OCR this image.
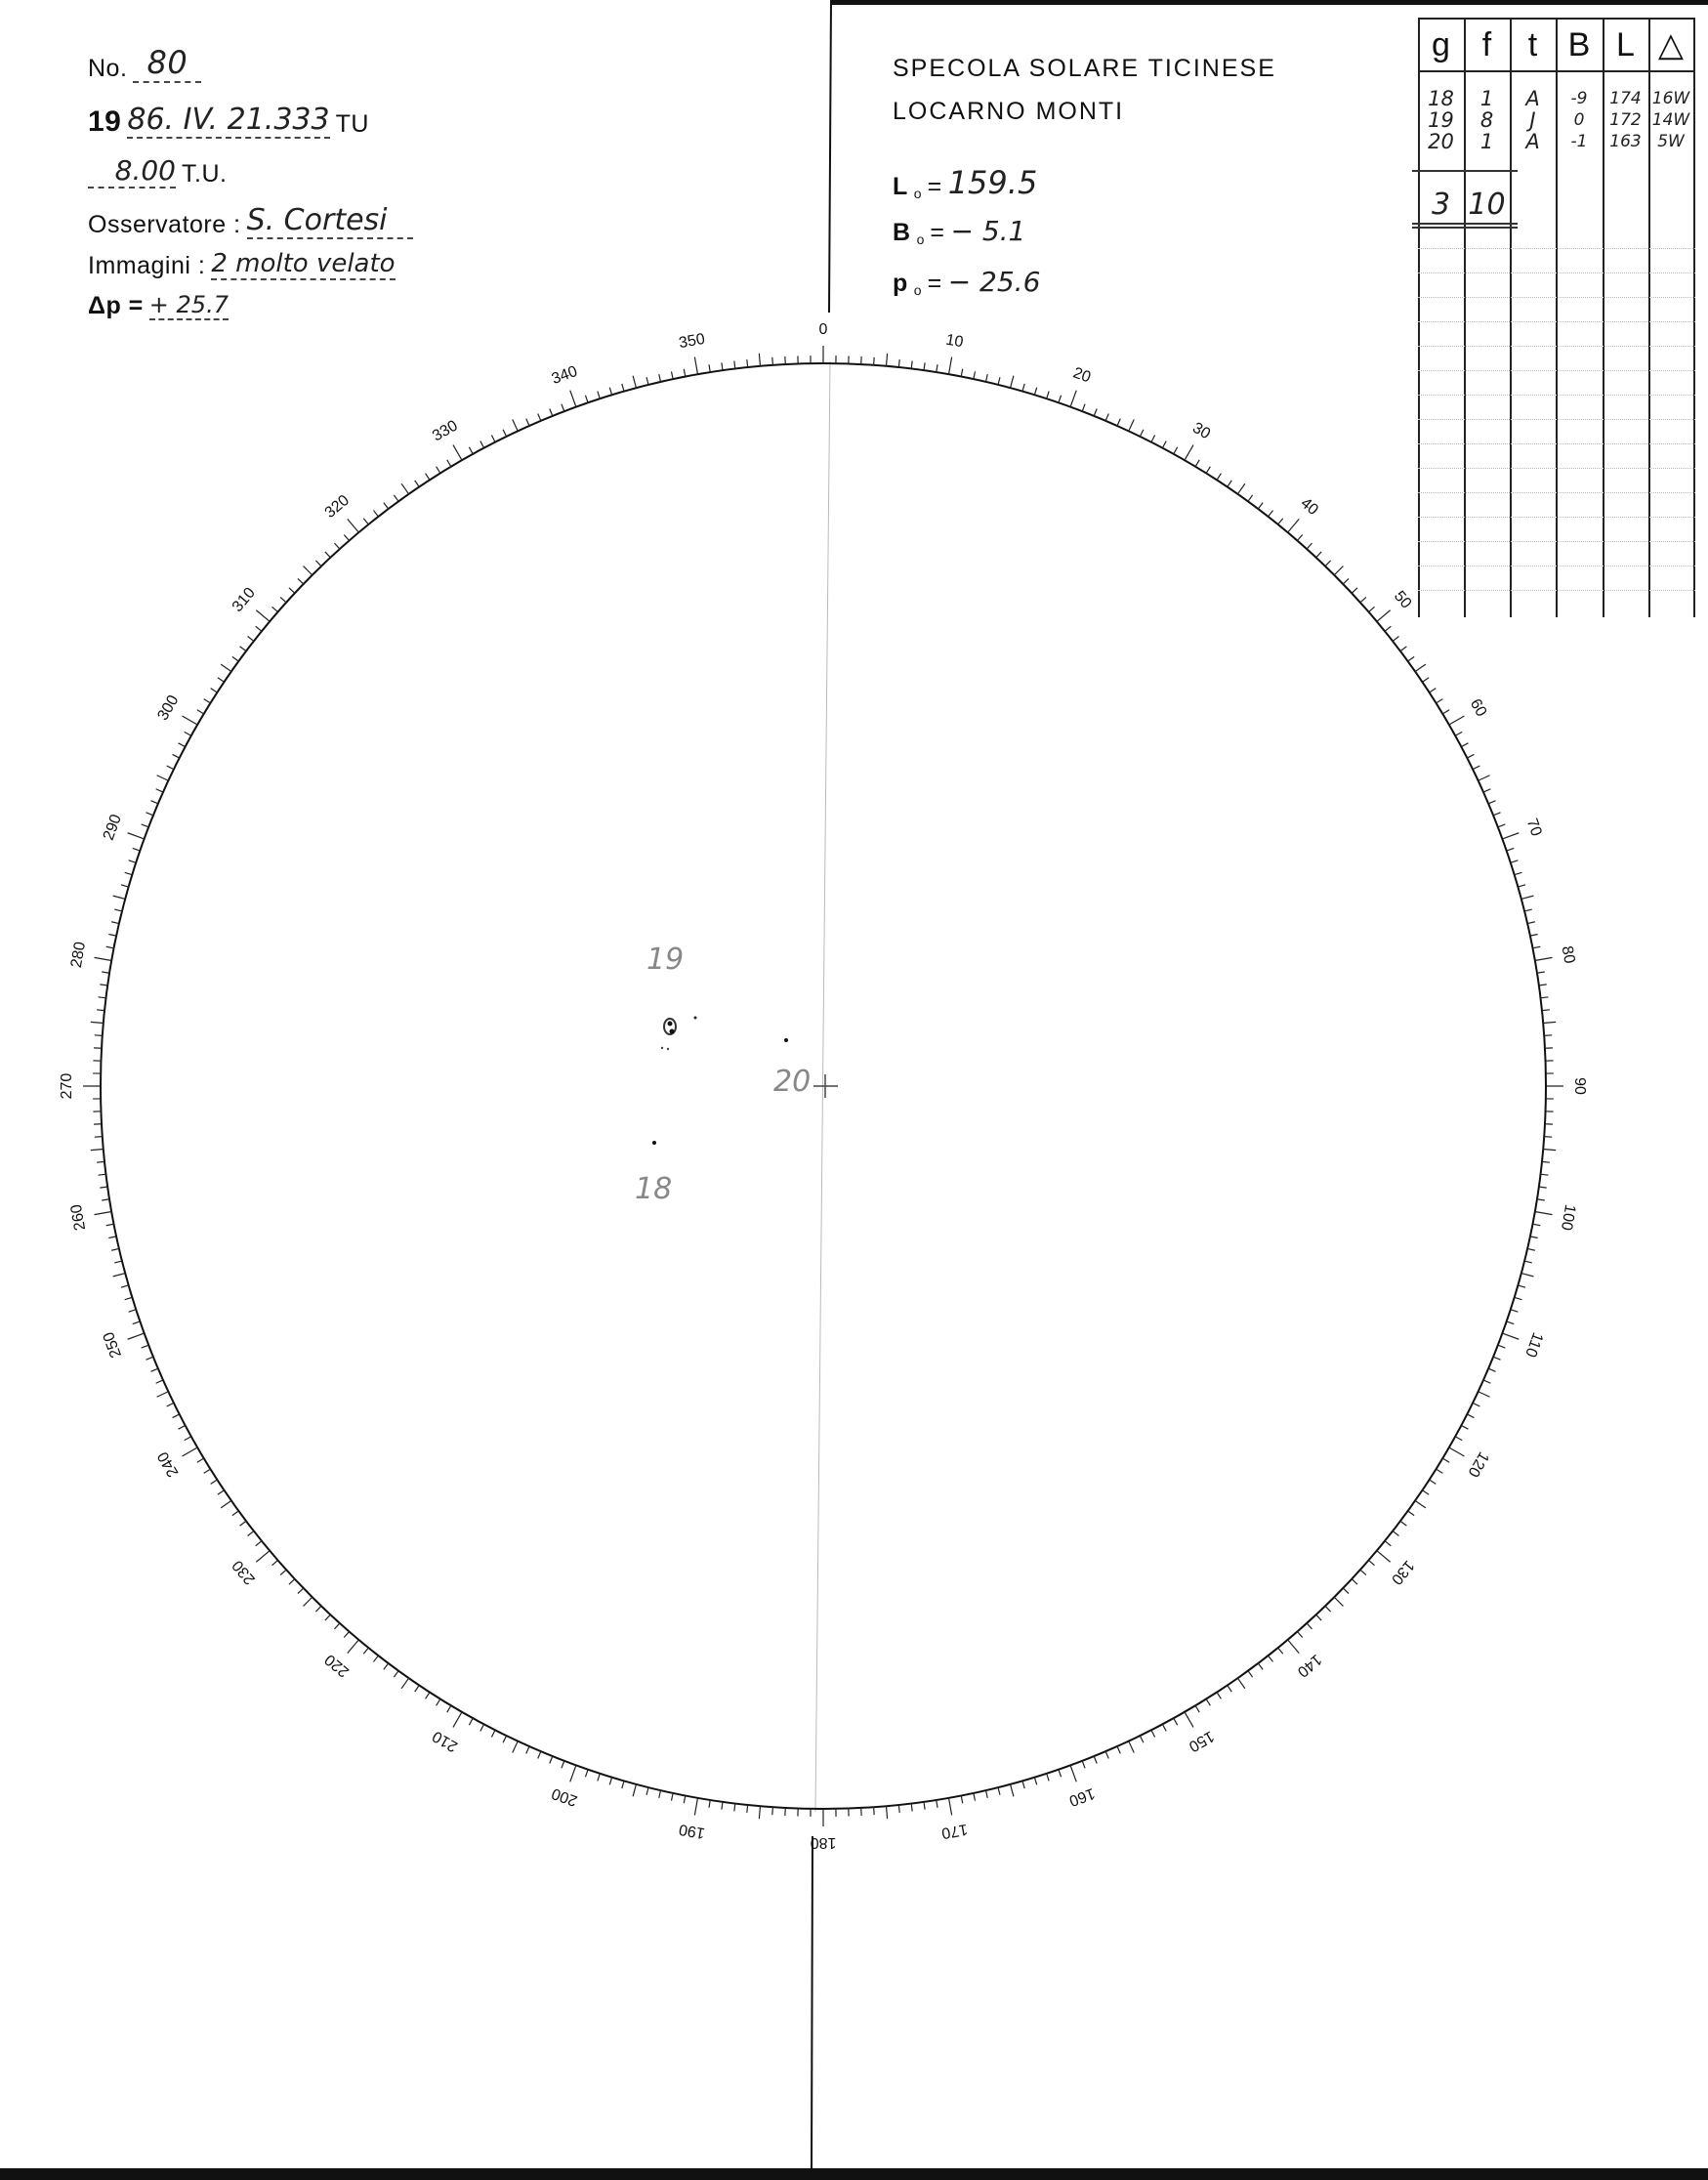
0
10
20
30
40
50
60
70
80
90
100
110
120
130
140
150
160
170
180
190
200
210
220
230
240
250
260
270
280
290
300
310
320
330
340
350
19
20
18
No. 80
19 86. IV. 21.333 TU
8.00 T.U.
Osservatore : S. Cortesi
Immagini : 2 molto velato
Δp = + 25.7
SPECOLA SOLARE TICINESE
LOCARNO MONTI
L o = 159.5
B o = − 5.1
p o = − 25.6
g f	t B L △
18	1	A	-9	174 16W
19	8	J	0	172 14W
20	1	A	-1	163 5W
3 10
